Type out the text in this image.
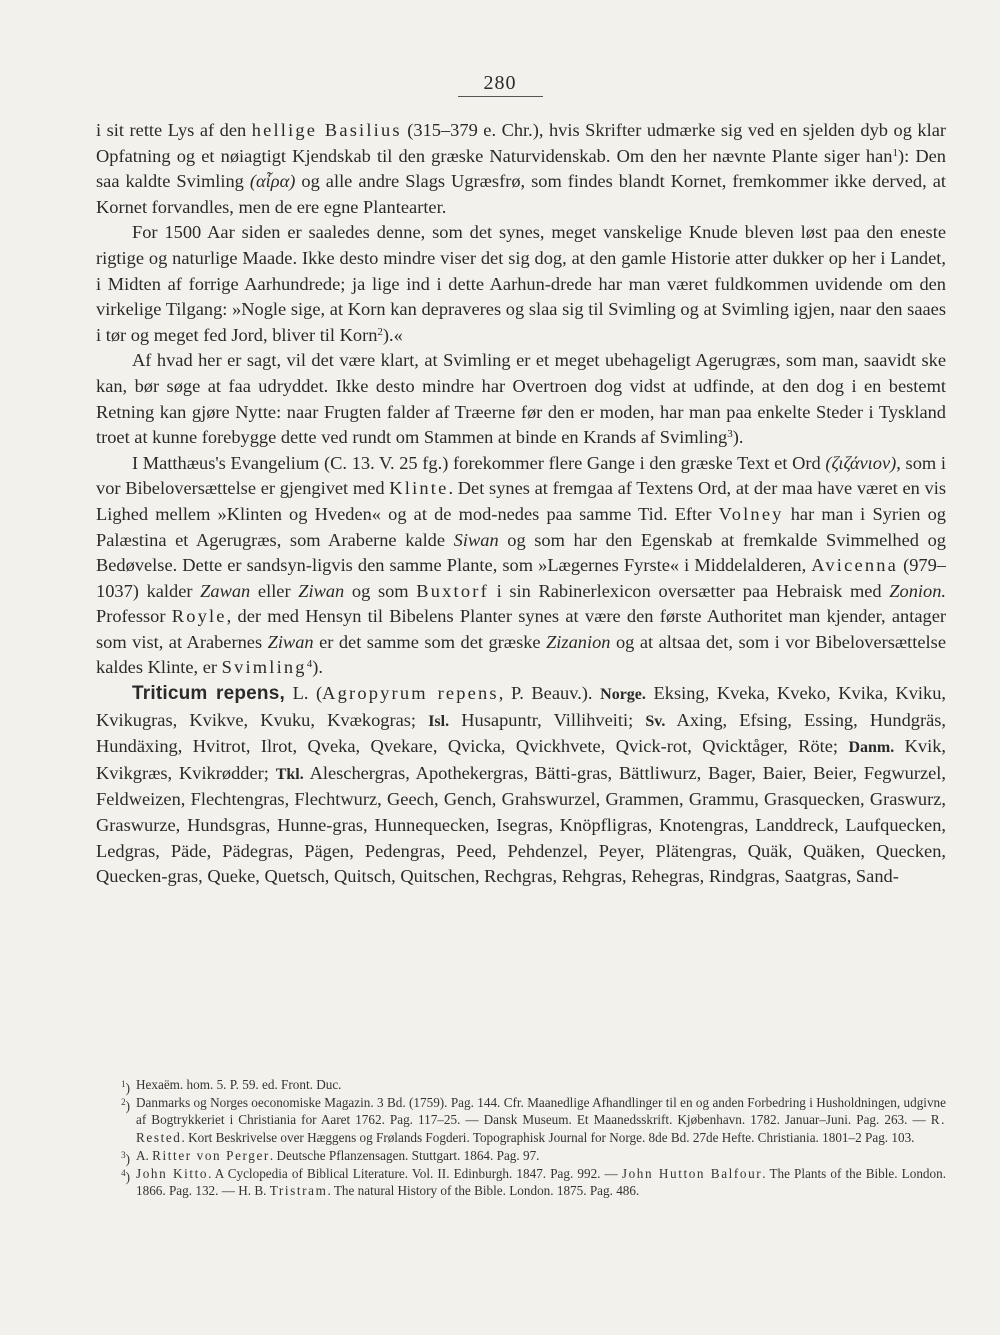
280

i sit rette Lys af den hellige Basilius (315–379 e. Chr.), hvis Skrifter udmærke sig ved en sjelden dyb og klar Opfatning og et nøiagtigt Kjendskab til den græske Naturvidenskab. Om den her nævnte Plante siger han$^1$): Den saa kaldte Svimling (αἶρα) og alle andre Slags Ugræsfrø, som findes blandt Kornet, fremkommer ikke derved, at Kornet forvandles, men de ere egne Plantearter.

For 1500 Aar siden er saaledes denne, som det synes, meget vanskelige Knude bleven løst paa den eneste rigtige og naturlige Maade. Ikke desto mindre viser det sig dog, at den gamle Historie atter dukker op her i Landet, i Midten af forrige Aarhundrede; ja lige ind i dette Aarhun-drede har man været fuldkommen uvidende om den virkelige Tilgang: »Nogle sige, at Korn kan depraveres og slaa sig til Svimling og at Svimling igjen, naar den saaes i tør og meget fed Jord, bliver til Korn$^2$).«

Af hvad her er sagt, vil det være klart, at Svimling er et meget ubehageligt Agerugræs, som man, saavidt ske kan, bør søge at faa udryddet. Ikke desto mindre har Overtroen dog vidst at udfinde, at den dog i en bestemt Retning kan gjøre Nytte: naar Frugten falder af Træerne før den er moden, har man paa enkelte Steder i Tyskland troet at kunne forebygge dette ved rundt om Stammen at binde en Krands af Svimling$^3$).

I Matthæus's Evangelium (C. 13. V. 25 fg.) forekommer flere Gange i den græske Text et Ord (ζιζάνιον), som i vor Bibeloversættelse er gjengivet med Klinte. Det synes at fremgaa af Textens Ord, at der maa have været en vis Lighed mellem »Klinten og Hveden« og at de mod-nedes paa samme Tid. Efter Volney har man i Syrien og Palæstina et Agerugræs, som Araberne kalde Siwan og som har den Egenskab at fremkalde Svimmelhed og Bedøvelse. Dette er sandsyn-ligvis den samme Plante, som »Lægernes Fyrste« i Middelalderen, Avicenna (979–1037) kalder Zawan eller Ziwan og som Buxtorf i sin Rabinerlexicon oversætter paa Hebraisk med Zonion. Professor Royle, der med Hensyn til Bibelens Planter synes at være den første Authoritet man kjender, antager som vist, at Arabernes Ziwan er det samme som det græske Zizanion og at altsaa det, som i vor Bibeloversættelse kaldes Klinte, er Svimling$^4$).

Triticum repens, L. (Agropyrum repens, P. Beauv.). Norge. Eksing, Kveka, Kveko, Kvika, Kviku, Kvikugras, Kvikve, Kvuku, Kvækogras; Isl. Husapuntr, Villihveiti; Sv. Axing, Efsing, Essing, Hundgräs, Hundäxing, Hvitrot, Ilrot, Qveka, Qvekare, Qvicka, Qvickhvete, Qvick-rot, Qvicktåger, Röte; Danm. Kvik, Kvikgræs, Kvikrødder; Tkl. Aleschergras, Apothekergras, Bätti-gras, Bättliwurz, Bager, Baier, Beier, Fegwurzel, Feldweizen, Flechtengras, Flechtwurz, Geech, Gench, Grahswurzel, Grammen, Grammu, Grasquecken, Graswurz, Graswurze, Hundsgras, Hunne-gras, Hunnequecken, Isegras, Knöpfligras, Knotengras, Landdreck, Laufquecken, Ledgras, Päde, Pädegras, Pägen, Pedengras, Peed, Pehdenzel, Peyer, Plätengras, Quäk, Quäken, Quecken, Quecken-gras, Queke, Quetsch, Quitsch, Quitschen, Rechgras, Rehgras, Rehegras, Rindgras, Saatgras, Sand-

$^1$) Hexaëm. hom. 5. P. 59. ed. Front. Duc.
$^2$) Danmarks og Norges oeconomiske Magazin. 3 Bd. (1759). Pag. 144. Cfr. Maanedlige Afhandlinger til en og anden Forbedring i Husholdningen, udgivne af Bogtrykkeriet i Christiania for Aaret 1762. Pag. 117–25. — Dansk Museum. Et Maanedsskrift. Kjøbenhavn. 1782. Januar–Juni. Pag. 263. — R. Rested. Kort Beskrivelse over Hæggens og Frølands Fogderi. Topographisk Journal for Norge. 8de Bd. 27de Hefte. Christiania. 1801–2 Pag. 103.
$^3$) A. Ritter von Perger. Deutsche Pflanzensagen. Stuttgart. 1864. Pag. 97.
$^4$) John Kitto. A Cyclopedia of Biblical Literature. Vol. II. Edinburgh. 1847. Pag. 992. — John Hutton Balfour. The Plants of the Bible. London. 1866. Pag. 132. — H. B. Tristram. The natural History of the Bible. London. 1875. Pag. 486.
